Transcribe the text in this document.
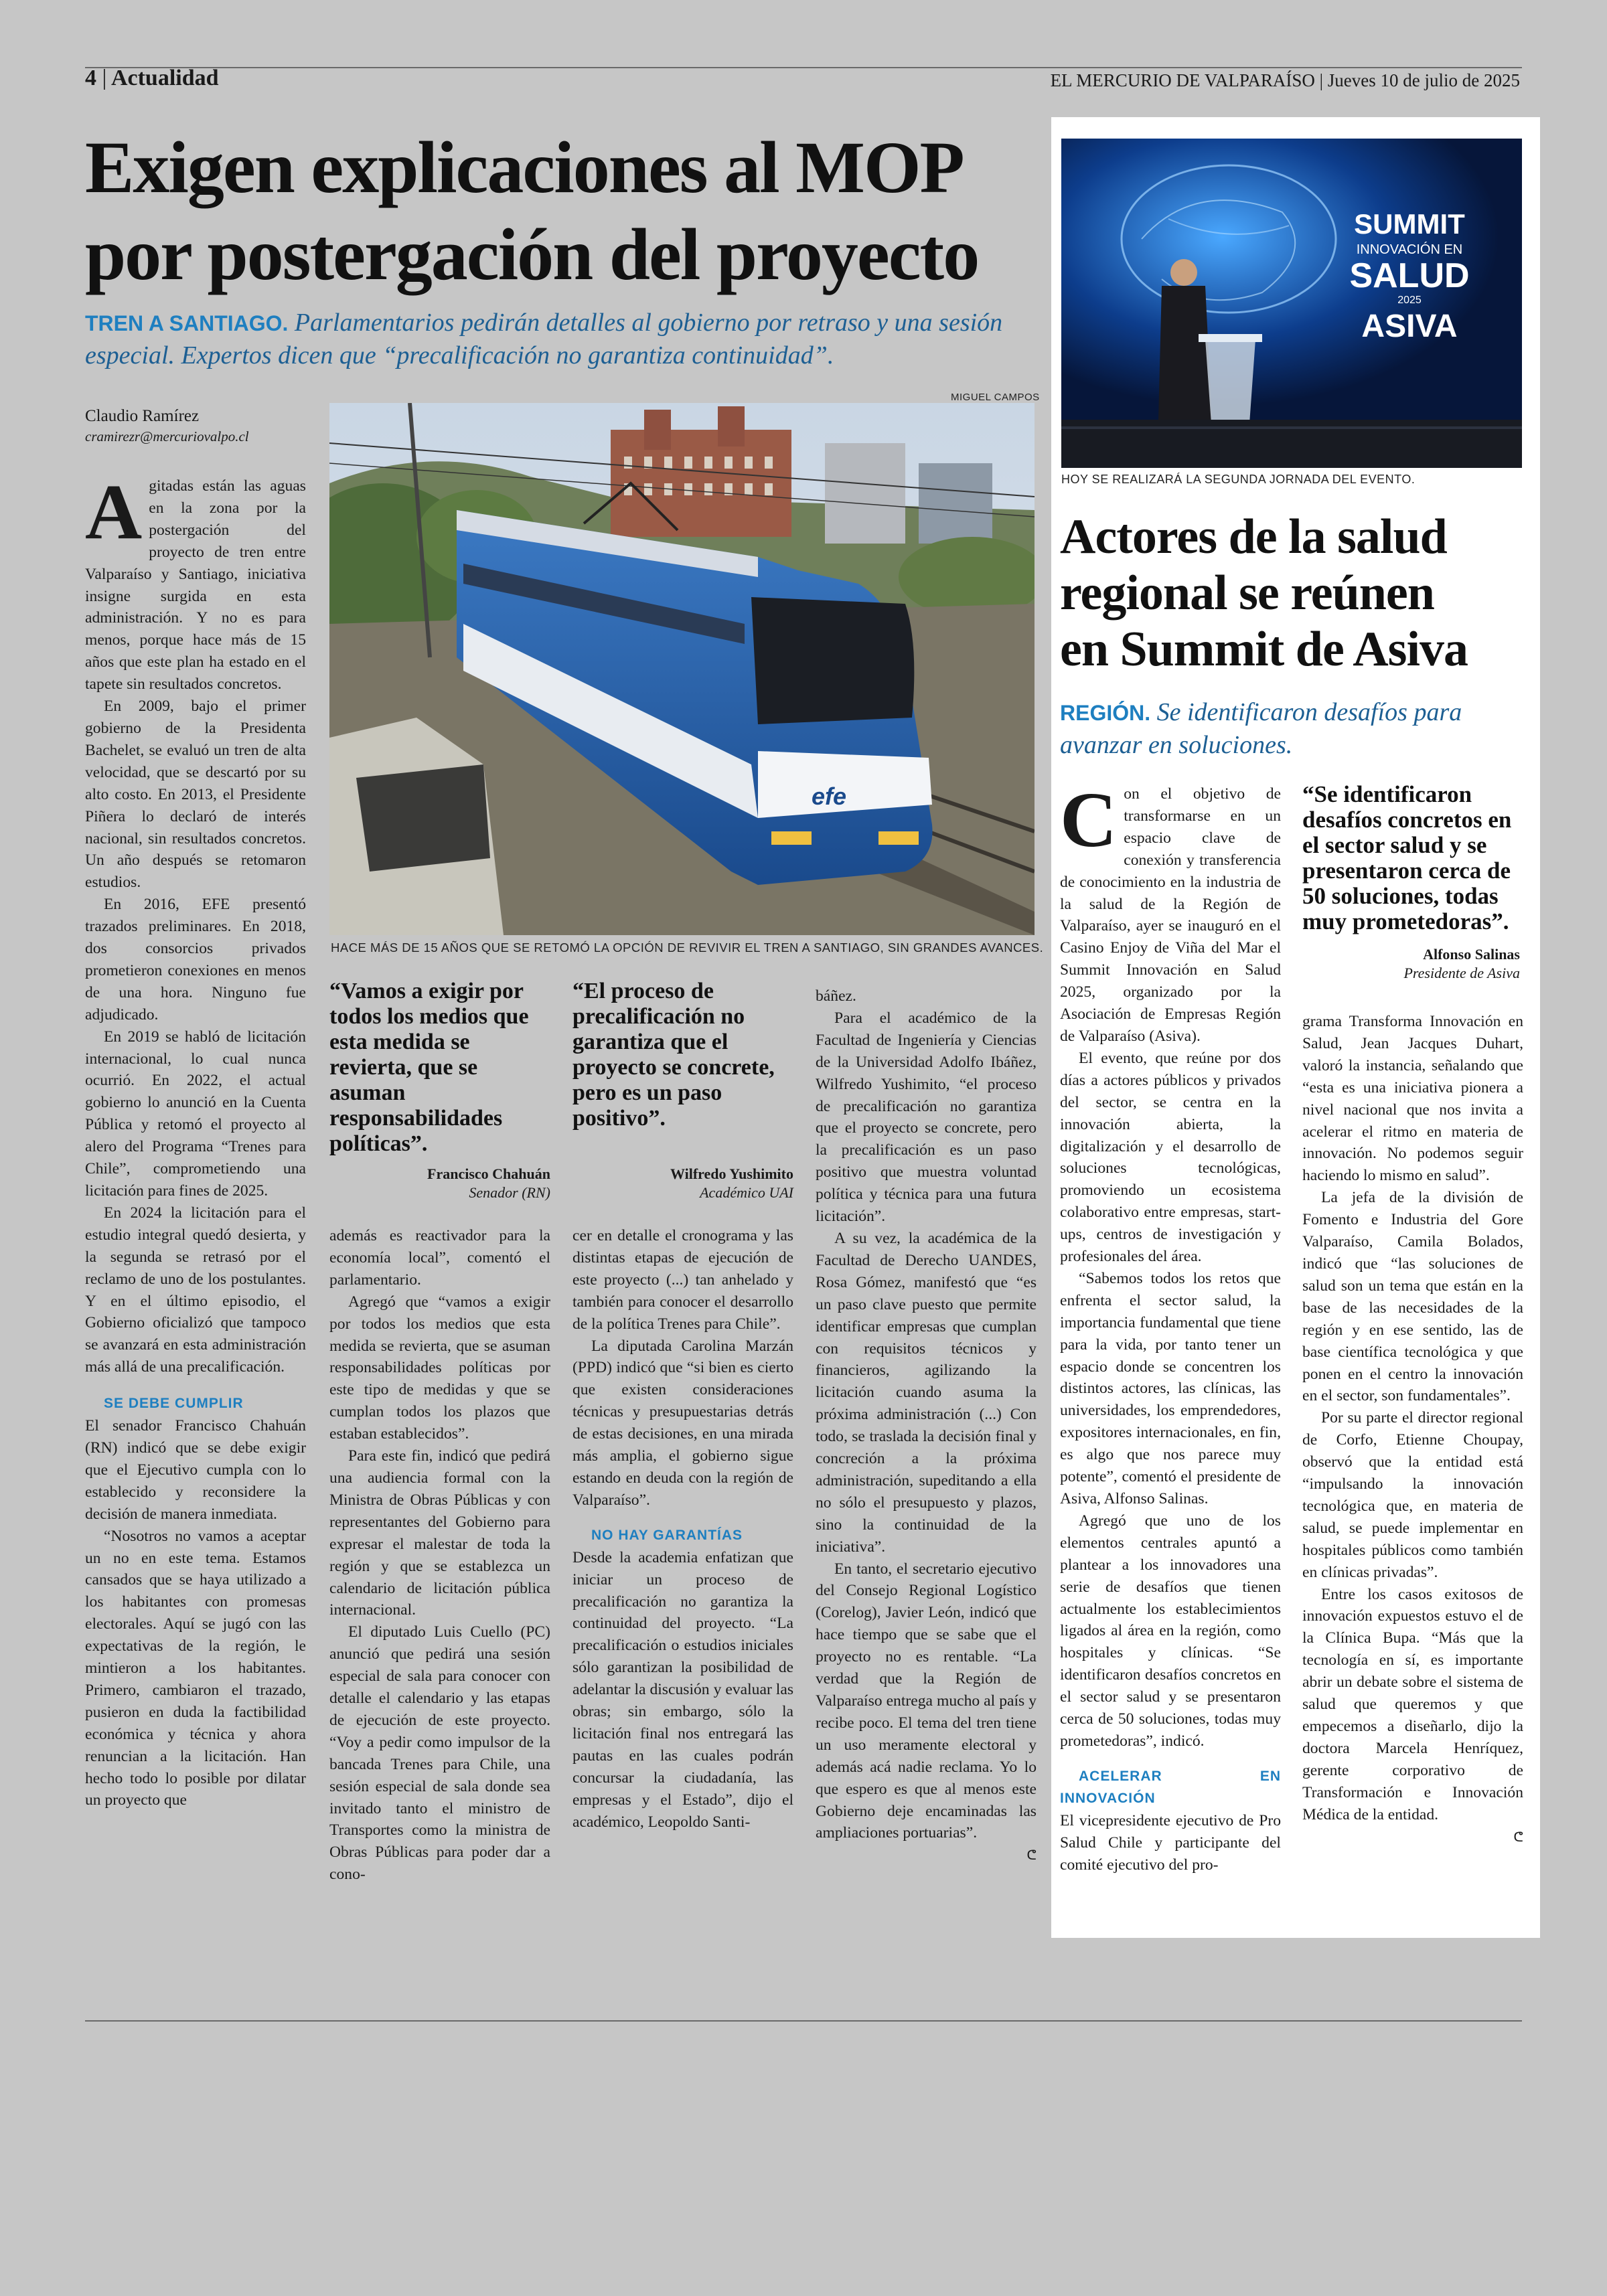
4 | Actualidad	EL MERCURIO DE VALPARAÍSO | Jueves 10 de julio de 2025
Exigen explicaciones al MOP
por postergación del proyecto
TREN A SANTIAGO. Parlamentarios pedirán detalles al gobierno por retraso y una sesión especial. Expertos dicen que “precalificación no garantiza continuidad”.
Claudio Ramírez
cramirezr@mercuriovalpo.cl
MIGUEL CAMPOS
efe
HACE MÁS DE 15 AÑOS QUE SE RETOMÓ LA OPCIÓN DE REVIVIR EL TREN A SANTIAGO, SIN GRANDES AVANCES.
A gitadas están las aguas en la zona por la postergación del proyecto de tren entre Valparaíso y Santiago, iniciativa insigne surgida en esta administración. Y no es para menos, porque hace más de 15 años que este plan ha estado en el tapete sin resultados concretos.

En 2009, bajo el primer gobierno de la Presidenta Bachelet, se evaluó un tren de alta velocidad, que se descartó por su alto costo. En 2013, el Presidente Piñera lo declaró de interés nacional, sin resultados concretos. Un año después se retomaron estudios.

En 2016, EFE presentó trazados preliminares. En 2018, dos consorcios privados prometieron conexiones en menos de una hora. Ninguno fue adjudicado.

En 2019 se habló de licitación internacional, lo cual nunca ocurrió. En 2022, el actual gobierno lo anunció en la Cuenta Pública y retomó el proyecto al alero del Programa “Trenes para Chile”, comprometiendo una licitación para fines de 2025.

En 2024 la licitación para el estudio integral quedó desierta, y la segunda se retrasó por el reclamo de uno de los postulantes. Y en el último episodio, el Gobierno oficializó que tampoco se avanzará en esta administración más allá de una precalificación.

SE DEBE CUMPLIR

El senador Francisco Chahuán (RN) indicó que se debe exigir que el Ejecutivo cumpla con lo establecido y reconsidere la decisión de manera inmediata.

“Nosotros no vamos a aceptar un no en este tema. Estamos cansados que se haya utilizado a los habitantes con promesas electorales. Aquí se jugó con las expectativas de la región, le mintieron a los habitantes. Primero, cambiaron el trazado, pusieron en duda la factibilidad económica y técnica y ahora renuncian a la licitación. Han hecho todo lo posible por dilatar un proyecto que

“Vamos a exigir por todos los medios que esta medida se revierta, que se asuman responsabilidades políticas”.
Francisco Chahuán
Senador (RN)
“El proceso de precalificación no garantiza que el proyecto se concrete, pero es un paso positivo”.
Wilfredo Yushimito
Académico UAI

además es reactivador para la economía local”, comentó el parlamentario.

Agregó que “vamos a exigir por todos los medios que esta medida se revierta, que se asuman responsabilidades políticas por este tipo de medidas y que se cumplan todos los plazos que estaban establecidos”.

Para este fin, indicó que pedirá una audiencia formal con la Ministra de Obras Públicas y con representantes del Gobierno para expresar el malestar de toda la región y que se establezca un calendario de licitación pública internacional.

El diputado Luis Cuello (PC) anunció que pedirá una sesión especial de sala para conocer con detalle el calendario y las etapas de ejecución de este proyecto. “Voy a pedir como impulsor de la bancada Trenes para Chile, una sesión especial de sala donde sea invitado tanto el ministro de Transportes como la ministra de Obras Públicas para poder dar a cono-

cer en detalle el cronograma y las distintas etapas de ejecución de este proyecto (...) tan anhelado y también para conocer el desarrollo de la política Trenes para Chile”.

La diputada Carolina Marzán (PPD) indicó que “si bien es cierto que existen consideraciones técnicas y presupuestarias detrás de estas decisiones, en una mirada más amplia, el gobierno sigue estando en deuda con la región de Valparaíso”.

NO HAY GARANTÍAS

Desde la academia enfatizan que iniciar un proceso de precalificación no garantiza la continuidad del proyecto. “La precalificación o estudios iniciales sólo garantizan la posibilidad de adelantar la discusión y evaluar las obras; sin embargo, sólo la licitación final nos entregará las pautas en las cuales podrán concursar la ciudadanía, las empresas y el Estado”, dijo el académico, Leopoldo Santi-

báñez.

Para el académico de la Facultad de Ingeniería y Ciencias de la Universidad Adolfo Ibáñez, Wilfredo Yushimito, “el proceso de precalificación no garantiza que el proyecto se concrete, pero la precalificación es un paso positivo que muestra voluntad política y técnica para una futura licitación”.

A su vez, la académica de la Facultad de Derecho UANDES, Rosa Gómez, manifestó que “es un paso clave puesto que permite identificar empresas que cumplan con requisitos técnicos y financieros, agilizando la licitación cuando asuma la próxima administración (...) Con todo, se traslada la decisión final y concreción a la próxima administración, supeditando a ella no sólo el presupuesto y plazos, sino la continuidad de la iniciativa”.

En tanto, el secretario ejecutivo del Consejo Regional Logístico (Corelog), Javier León, indicó que hace tiempo que se sabe que el proyecto no es rentable. “La verdad que la Región de Valparaíso entrega mucho al país y recibe poco. El tema del tren tiene un uso meramente electoral y además acá nadie reclama. Yo lo que espero es que al menos este Gobierno deje encaminadas las ampliaciones portuarias”.

ᕦ
SUMMIT
INNOVACIÓN EN
SALUD
2025
ASIVA
HOY SE REALIZARÁ LA SEGUNDA JORNADA DEL EVENTO.
Actores de la salud
regional se reúnen
en Summit de Asiva
REGIÓN. Se identificaron desafíos para avanzar en soluciones.
C on el objetivo de transformarse en un espacio clave de conexión y transferencia de conocimiento en la industria de la salud de la Región de Valparaíso, ayer se inauguró en el Casino Enjoy de Viña del Mar el Summit Innovación en Salud 2025, organizado por la Asociación de Empresas Región de Valparaíso (Asiva).

El evento, que reúne por dos días a actores públicos y privados del sector, se centra en la innovación abierta, la digitalización y el desarrollo de soluciones tecnológicas, promoviendo un ecosistema colaborativo entre empresas, start-ups, centros de investigación y profesionales del área.

“Sabemos todos los retos que enfrenta el sector salud, la importancia fundamental que tiene para la vida, por tanto tener un espacio donde se concentren los distintos actores, las clínicas, las universidades, los emprendedores, expositores internacionales, en fin, es algo que nos parece muy potente”, comentó el presidente de Asiva, Alfonso Salinas.

Agregó que uno de los elementos centrales apuntó a plantear a los innovadores una serie de desafíos que tienen actualmente los establecimientos ligados al área en la región, como hospitales y clínicas. “Se identificaron desafíos concretos en el sector salud y se presentaron cerca de 50 soluciones, todas muy prometedoras”, indicó.

ACELERAR EN INNOVACIÓN

El vicepresidente ejecutivo de Pro Salud Chile y participante del comité ejecutivo del pro-

“Se identificaron desafíos concretos en el sector salud y se presentaron cerca de 50 soluciones, todas muy prometedoras”.
Alfonso Salinas
Presidente de Asiva

grama Transforma Innovación en Salud, Jean Jacques Duhart, valoró la instancia, señalando que “esta es una iniciativa pionera a nivel nacional que nos invita a acelerar el ritmo en materia de innovación. No podemos seguir haciendo lo mismo en salud”.

La jefa de la división de Fomento e Industria del Gore Valparaíso, Camila Bolados, indicó que “las soluciones de salud son un tema que están en la base de las necesidades de la región y en ese sentido, las de base científica tecnológica y que ponen en el centro la innovación en el sector, son fundamentales”.

Por su parte el director regional de Corfo, Etienne Choupay, observó que la entidad está “impulsando la innovación tecnológica que, en materia de salud, se puede implementar en hospitales públicos como también en clínicas privadas”.

Entre los casos exitosos de innovación expuestos estuvo el de la Clínica Bupa. “Más que la tecnología en sí, es importante abrir un debate sobre el sistema de salud que queremos y que empecemos a diseñarlo, dijo la doctora Marcela Henríquez, gerente corporativo de Transformación e Innovación Médica de la entidad.

ᕦ
